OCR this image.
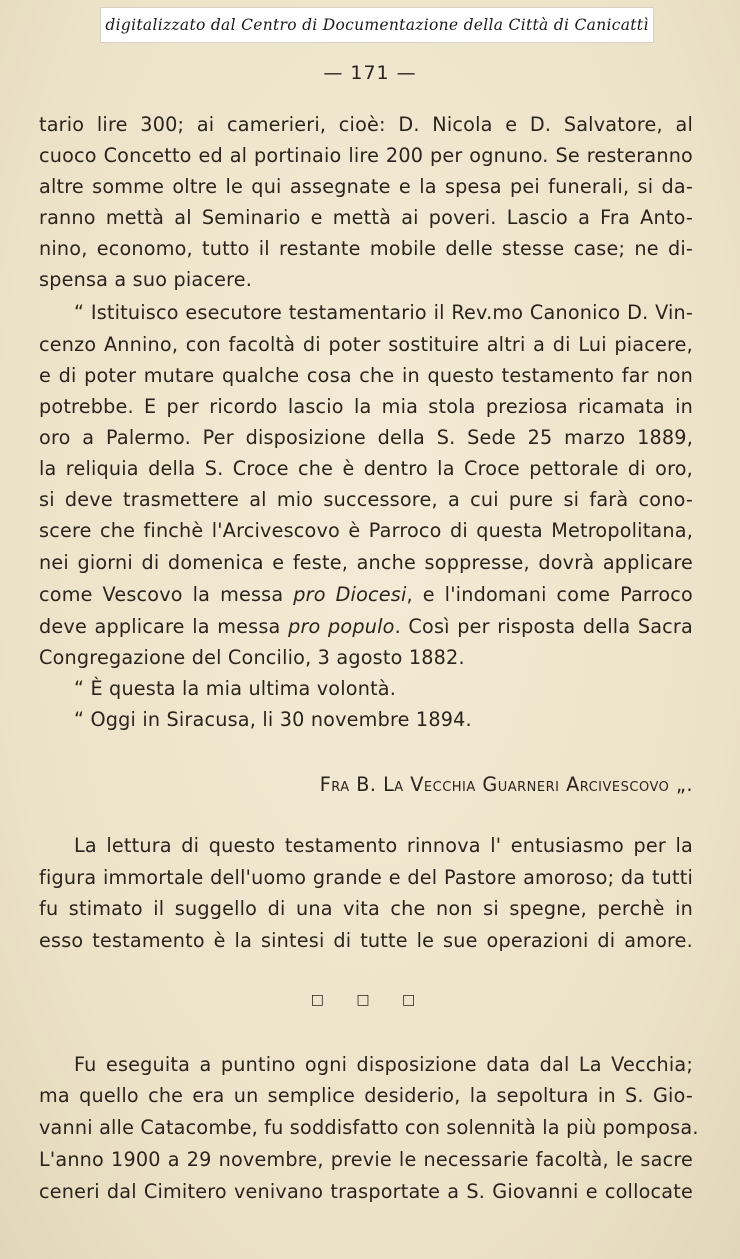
digitalizzato dal Centro di Documentazione della Città di Canicattì
— 171 —
tario lire 300; ai camerieri, cioè: D. Nicola e D. Salvatore, al
cuoco Concetto ed al portinaio lire 200 per ognuno. Se resteranno
altre somme oltre le qui assegnate e la spesa pei funerali, si da-
ranno mettà al Seminario e mettà ai poveri. Lascio a Fra Anto-
nino, economo, tutto il restante mobile delle stesse case; ne di-
spensa a suo piacere.
“ Istituisco esecutore testamentario il Rev.mo Canonico D. Vin-
cenzo Annino, con facoltà di poter sostituire altri a di Lui piacere,
e di poter mutare qualche cosa che in questo testamento far non
potrebbe. E per ricordo lascio la mia stola preziosa ricamata in
oro a Palermo. Per disposizione della S. Sede 25 marzo 1889,
la reliquia della S. Croce che è dentro la Croce pettorale di oro,
si deve trasmettere al mio successore, a cui pure si farà cono-
scere che finchè l'Arcivescovo è Parroco di questa Metropolitana,
nei giorni di domenica e feste, anche soppresse, dovrà applicare
come Vescovo la messa pro Diocesi, e l'indomani come Parroco
deve applicare la messa pro populo. Così per risposta della Sacra
Congregazione del Concilio, 3 agosto 1882.
“ È questa la mia ultima volontà.
“ Oggi in Siracusa, li 30 novembre 1894.
Fra B. La Vecchia Guarneri Arcivescovo „.
La lettura di questo testamento rinnova l' entusiasmo per la
figura immortale dell'uomo grande e del Pastore amoroso; da tutti
fu stimato il suggello di una vita che non si spegne, perchè in
esso testamento è la sintesi di tutte le sue operazioni di amore.
□ □ □
Fu eseguita a puntino ogni disposizione data dal La Vecchia;
ma quello che era un semplice desiderio, la sepoltura in S. Gio-
vanni alle Catacombe, fu soddisfatto con solennità la più pomposa.
L'anno 1900 a 29 novembre, previe le necessarie facoltà, le sacre
ceneri dal Cimitero venivano trasportate a S. Giovanni e collocate
